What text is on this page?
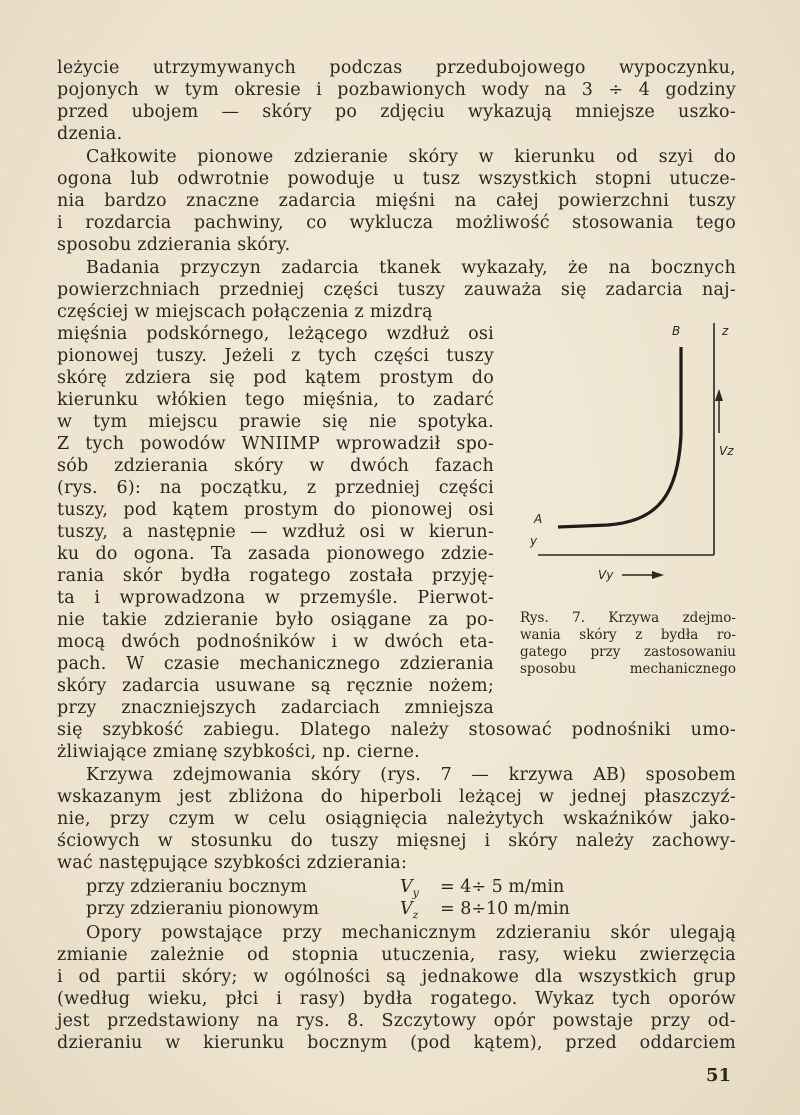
leżycie utrzymywanych podczas przedubojowego wypoczynku,
pojonych w tym okresie i pozbawionych wody na 3 ÷ 4 godziny
przed ubojem — skóry po zdjęciu wykazują mniejsze uszko-
dzenia.
Całkowite pionowe zdzieranie skóry w kierunku od szyi do
ogona lub odwrotnie powoduje u tusz wszystkich stopni utucze-
nia bardzo znaczne zadarcia mięśni na całej powierzchni tuszy
i rozdarcia pachwiny, co wyklucza możliwość stosowania tego
sposobu zdzierania skóry.
Badania przyczyn zadarcia tkanek wykazały, że na bocznych
powierzchniach przedniej części tuszy zauważa się zadarcia naj-
częściej w miejscach połączenia z mizdrą
mięśnia podskórnego, leżącego wzdłuż osi
pionowej tuszy. Jeżeli z tych części tuszy
skórę zdziera się pod kątem prostym do
kierunku włókien tego mięśnia, to zadarć
w tym miejscu prawie się nie spotyka.
Z tych powodów WNIIMP wprowadził spo-
sób zdzierania skóry w dwóch fazach
(rys. 6): na początku, z przedniej części
tuszy, pod kątem prostym do pionowej osi
tuszy, a następnie — wzdłuż osi w kierun-
ku do ogona. Ta zasada pionowego zdzie-
rania skór bydła rogatego została przyję-
ta i wprowadzona w przemyśle. Pierwot-
nie takie zdzieranie było osiągane za po-
mocą dwóch podnośników i w dwóch eta-
pach. W czasie mechanicznego zdzierania
skóry zadarcia usuwane są ręcznie nożem;
przy znaczniejszych zadarciach zmniejsza
się szybkość zabiegu. Dlatego należy stosować podnośniki umo-
żliwiające zmianę szybkości, np. cierne.
Krzywa zdejmowania skóry (rys. 7 — krzywa AB) sposobem
wskazanym jest zbliżona do hiperboli leżącej w jednej płaszczyź-
nie, przy czym w celu osiągnięcia należytych wskaźników jako-
ściowych w stosunku do tuszy mięsnej i skóry należy zachowy-
wać następujące szybkości zdzierania:
przy zdzieraniu bocznym	$V_y = 4\div 5$ m/min
przy zdzieraniu pionowym	$V_z = 8\div 10$ m/min
Opory powstające przy mechanicznym zdzieraniu skór ulegają
zmianie zależnie od stopnia utuczenia, rasy, wieku zwierzęcia
i od partii skóry; w ogólności są jednakowe dla wszystkich grup
(według wieku, płci i rasy) bydła rogatego. Wykaz tych oporów
jest przedstawiony na rys. 8. Szczytowy opór powstaje przy od-
dzieraniu w kierunku bocznym (pod kątem), przed oddarciem
B	z
Vz
A
y
Vy
Rys. 7. Krzywa zdejmo-
wania skóry z bydła ro-
gatego przy zastosowaniu
sposobu mechanicznego
51
